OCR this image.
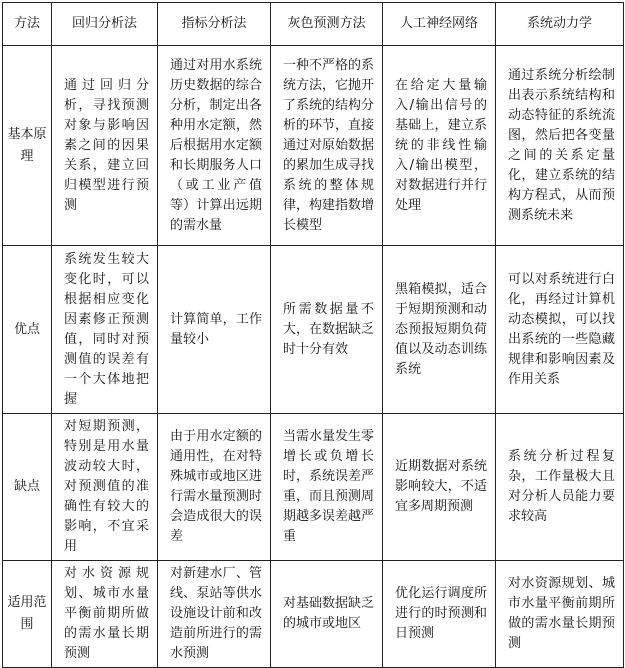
方法	回归分析法	指标分析法	灰色预测方法	人工神经网络	系统动力学
基本原理	通过回归分析，寻找预测对象与影响因素之间的因果关系，建立回归模型进行预测	通过对用水系统历史数据的综合分析，制定出各种用水定额，然后根据用水定额和长期服务人口（或工业产值等）计算出远期的需水量	一种不严格的系统方法，它抛开了系统的结构分析的环节，直接通过对原始数据的累加生成寻找系统的整体规律，构建指数增长模型	在给定大量输入/输出信号的基础上，建立系统的非线性输入/输出模型，对数据进行并行处理	通过系统分析绘制出表示系统结构和动态特征的系统流图，然后把各变量之间的关系定量化，建立系统的结构方程式，从而预测系统未来
优点	系统发生较大变化时，可以根据相应变化因素修正预测值，同时对预测值的误差有一个大体地把握	计算简单，工作量较小	所需数据量不大，在数据缺乏时十分有效	黑箱模拟，适合于短期预测和动态预报短期负荷值以及动态训练系统	可以对系统进行白化，再经过计算机动态模拟，可以找出系统的一些隐藏规律和影响因素及作用关系
缺点	对短期预测，特别是用水量波动较大时，对预测值的准确性有较大的影响，不宜采用	由于用水定额的通用性，在对特殊城市或地区进行需水量预测时会造成很大的误差	当需水量发生零增长或负增长时，系统误差严重，而且预测周期越多误差越严重	近期数据对系统影响较大，不适宜多周期预测	系统分析过程复杂，工作量极大且对分析人员能力要求较高
适用范围	对水资源规划、城市水量平衡前期所做的需水量长期预测	对新建水厂、管线、泵站等供水设施设计前和改造前所进行的需水预测	对基础数据缺乏的城市或地区	优化运行调度所进行的时预测和日预测	对水资源规划、城市水量平衡前期所做的需水量长期预测
